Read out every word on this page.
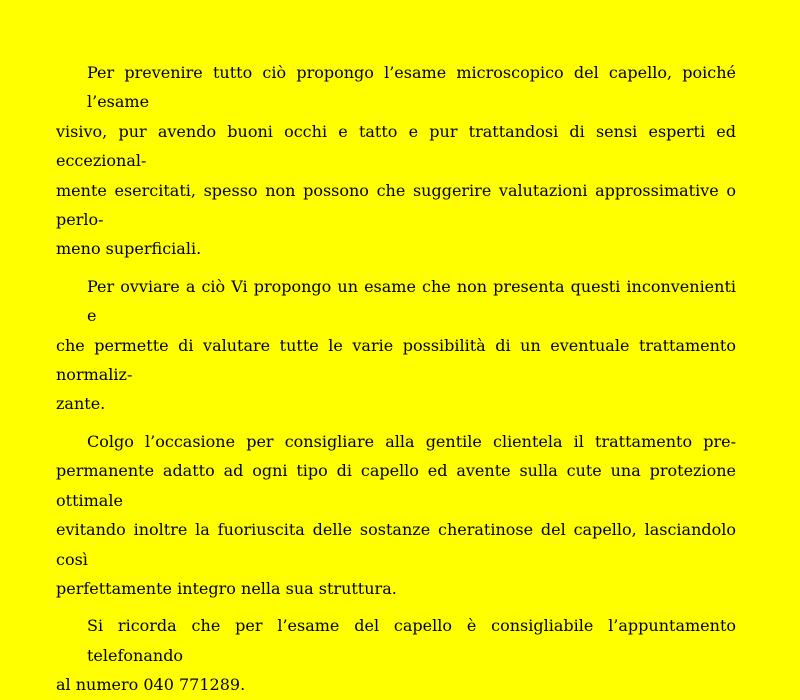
Per prevenire tutto ciò propongo l’esame microscopico del capello, poiché l’esame
visivo, pur avendo buoni occhi e tatto e pur trattandosi di sensi esperti ed eccezional-
mente esercitati, spesso non possono che suggerire valutazioni approssimative o perlo-
meno superficiali.
Per ovviare a ciò Vi propongo un esame che non presenta questi inconvenienti e
che permette di valutare tutte le varie possibilità di un eventuale trattamento normaliz-
zante.
Colgo l’occasione per consigliare alla gentile clientela il trattamento pre-
permanente adatto ad ogni tipo di capello ed avente sulla cute una protezione ottimale
evitando inoltre la fuoriuscita delle sostanze cheratinose del capello, lasciandolo così
perfettamente integro nella sua struttura.
Si ricorda che per l’esame del capello è consigliabile l’appuntamento telefonando
al numero 040 771289.
